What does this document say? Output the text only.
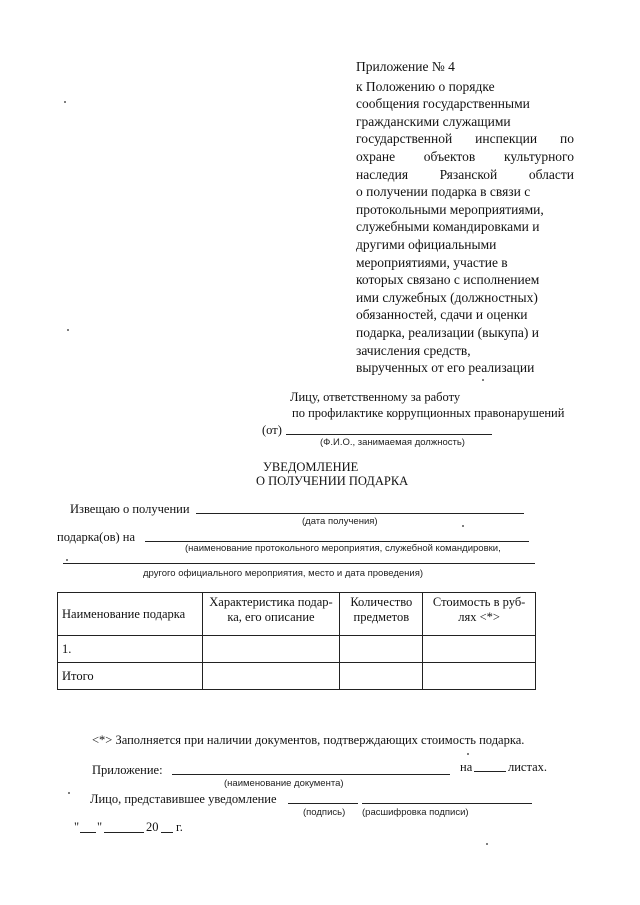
Приложение № 4
к Положению о порядке
сообщения государственными
гражданскими служащими
государственной инспекции по
охране объектов культурного
наследия Рязанской области
о получении подарка в связи с
протокольными мероприятиями,
служебными командировками и
другими официальными
мероприятиями, участие в
которых связано с исполнением
ими служебных (должностных)
обязанностей, сдачи и оценки
подарка, реализации (выкупа) и
зачисления средств,
вырученных от его реализации
Лицу, ответственному за работу
по профилактике коррупционных правонарушений
(от)
(Ф.И.О., занимаемая должность)
УВЕДОМЛЕНИЕ
О ПОЛУЧЕНИИ ПОДАРКА
Извещаю о получении
(дата получения)
подарка(ов) на
(наименование протокольного мероприятия, служебной командировки,
другого официального мероприятия, место и дата проведения)
Наименование подарка	Характеристика подар-ка, его описание	Количество предметов	Стоимость в руб-лях <*>
1.			
Итого			
<*> Заполняется при наличии документов, подтверждающих стоимость подарка.
Приложение:	на	листах.
(наименование документа)
Лицо, представившее уведомление
(подпись) (расшифровка подписи)
" "	20 г.
